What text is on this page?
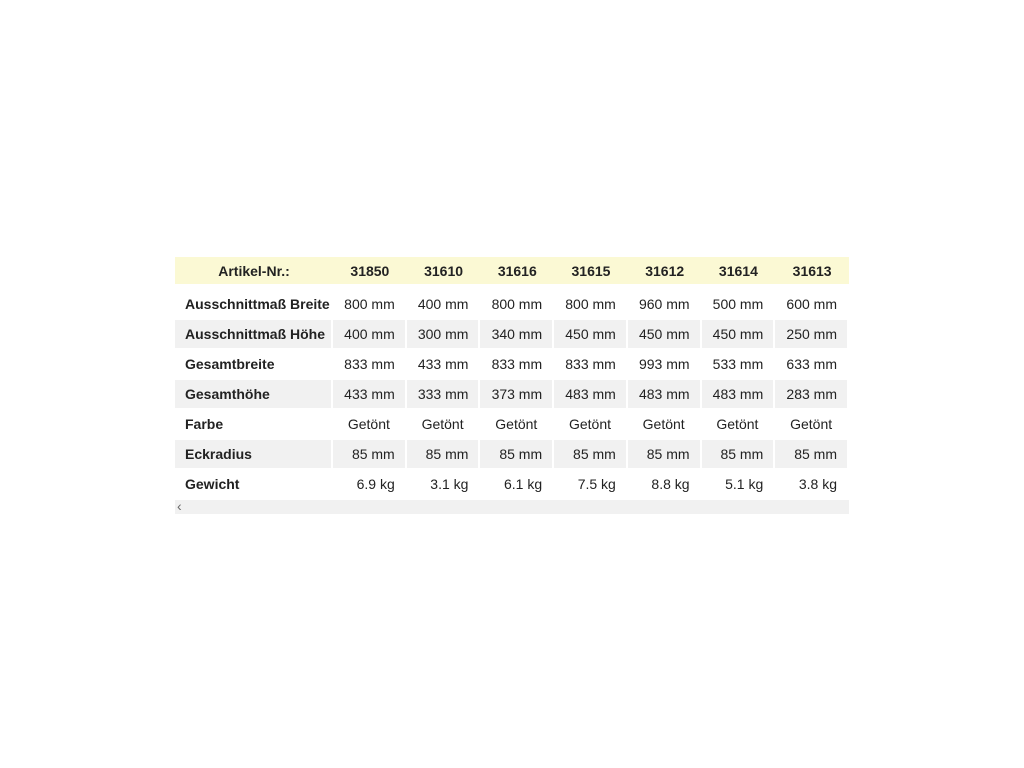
Artikel-Nr.:	31850	31610	31616	31615	31612	31614	31613

Ausschnittmaß Breite	800 mm	400 mm	800 mm	800 mm	960 mm	500 mm	600 mm
Ausschnittmaß Höhe	400 mm	300 mm	340 mm	450 mm	450 mm	450 mm	250 mm
Gesamtbreite	833 mm	433 mm	833 mm	833 mm	993 mm	533 mm	633 mm
Gesamthöhe	433 mm	333 mm	373 mm	483 mm	483 mm	483 mm	283 mm
Farbe	Getönt	Getönt	Getönt	Getönt	Getönt	Getönt	Getönt
Eckradius	85 mm	85 mm	85 mm	85 mm	85 mm	85 mm	85 mm
Gewicht	6.9 kg	3.1 kg	6.1 kg	7.5 kg	8.8 kg	5.1 kg	3.8 kg
‹
